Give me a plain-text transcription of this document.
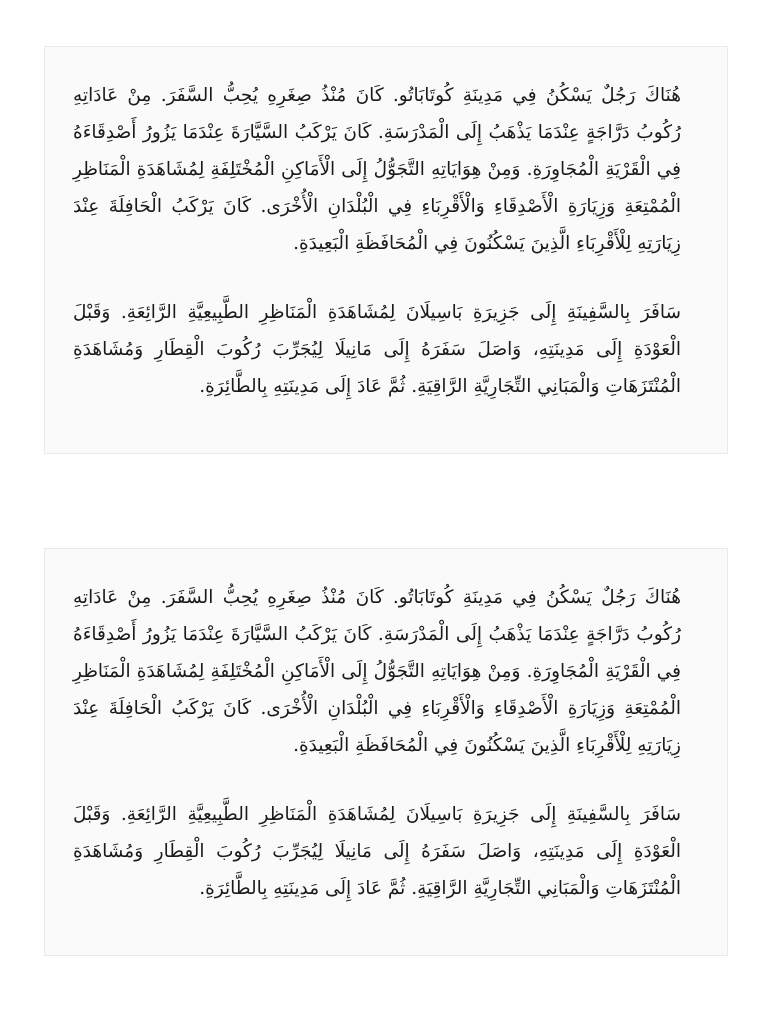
هُنَاكَ رَجُلٌ يَسْكُنُ فِي مَدِينَةِ كُوتَابَاتُو. كَانَ مُنْذُ صِغَرِهِ يُحِبُّ السَّفَرَ. مِنْ عَادَاتِهِ رُكُوبُ دَرَّاجَةٍ عِنْدَمَا يَذْهَبُ إِلَى الْمَدْرَسَةِ. كَانَ يَرْكَبُ السَّيَّارَةَ عِنْدَمَا يَزُورُ أَصْدِقَاءَهُ فِي الْقَرْيَةِ الْمُجَاوِرَةِ. وَمِنْ هِوَايَاتِهِ التَّجَوُّلُ إِلَى الْأَمَاكِنِ الْمُخْتَلِفَةِ لِمُشَاهَدَةِ الْمَنَاظِرِ الْمُمْتِعَةِ وَزِيَارَةِ الْأَصْدِقَاءِ وَالْأَقْرِبَاءِ فِي الْبُلْدَانِ الْأُخْرَى. كَانَ يَرْكَبُ الْحَافِلَةَ عِنْدَ زِيَارَتِهِ لِلْأَقْرِبَاءِ الَّذِينَ يَسْكُنُونَ فِي الْمُحَافَظَةِ الْبَعِيدَةِ.

سَافَرَ بِالسَّفِينَةِ إِلَى جَزِيرَةِ بَاسِيلَانَ لِمُشَاهَدَةِ الْمَنَاظِرِ الطَّبِيعِيَّةِ الرَّائِعَةِ. وَقَبْلَ الْعَوْدَةِ إِلَى مَدِينَتِهِ، وَاصَلَ سَفَرَهُ إِلَى مَانِيلَا لِيُجَرِّبَ رُكُوبَ الْقِطَارِ وَمُشَاهَدَةِ الْمُنْتَزَهَاتِ وَالْمَبَانِي التِّجَارِيَّةِ الرَّاقِيَةِ. ثُمَّ عَادَ إِلَى مَدِينَتِهِ بِالطَّائِرَةِ.

هُنَاكَ رَجُلٌ يَسْكُنُ فِي مَدِينَةِ كُوتَابَاتُو. كَانَ مُنْذُ صِغَرِهِ يُحِبُّ السَّفَرَ. مِنْ عَادَاتِهِ رُكُوبُ دَرَّاجَةٍ عِنْدَمَا يَذْهَبُ إِلَى الْمَدْرَسَةِ. كَانَ يَرْكَبُ السَّيَّارَةَ عِنْدَمَا يَزُورُ أَصْدِقَاءَهُ فِي الْقَرْيَةِ الْمُجَاوِرَةِ. وَمِنْ هِوَايَاتِهِ التَّجَوُّلُ إِلَى الْأَمَاكِنِ الْمُخْتَلِفَةِ لِمُشَاهَدَةِ الْمَنَاظِرِ الْمُمْتِعَةِ وَزِيَارَةِ الْأَصْدِقَاءِ وَالْأَقْرِبَاءِ فِي الْبُلْدَانِ الْأُخْرَى. كَانَ يَرْكَبُ الْحَافِلَةَ عِنْدَ زِيَارَتِهِ لِلْأَقْرِبَاءِ الَّذِينَ يَسْكُنُونَ فِي الْمُحَافَظَةِ الْبَعِيدَةِ.

سَافَرَ بِالسَّفِينَةِ إِلَى جَزِيرَةِ بَاسِيلَانَ لِمُشَاهَدَةِ الْمَنَاظِرِ الطَّبِيعِيَّةِ الرَّائِعَةِ. وَقَبْلَ الْعَوْدَةِ إِلَى مَدِينَتِهِ، وَاصَلَ سَفَرَهُ إِلَى مَانِيلَا لِيُجَرِّبَ رُكُوبَ الْقِطَارِ وَمُشَاهَدَةِ الْمُنْتَزَهَاتِ وَالْمَبَانِي التِّجَارِيَّةِ الرَّاقِيَةِ. ثُمَّ عَادَ إِلَى مَدِينَتِهِ بِالطَّائِرَةِ.
